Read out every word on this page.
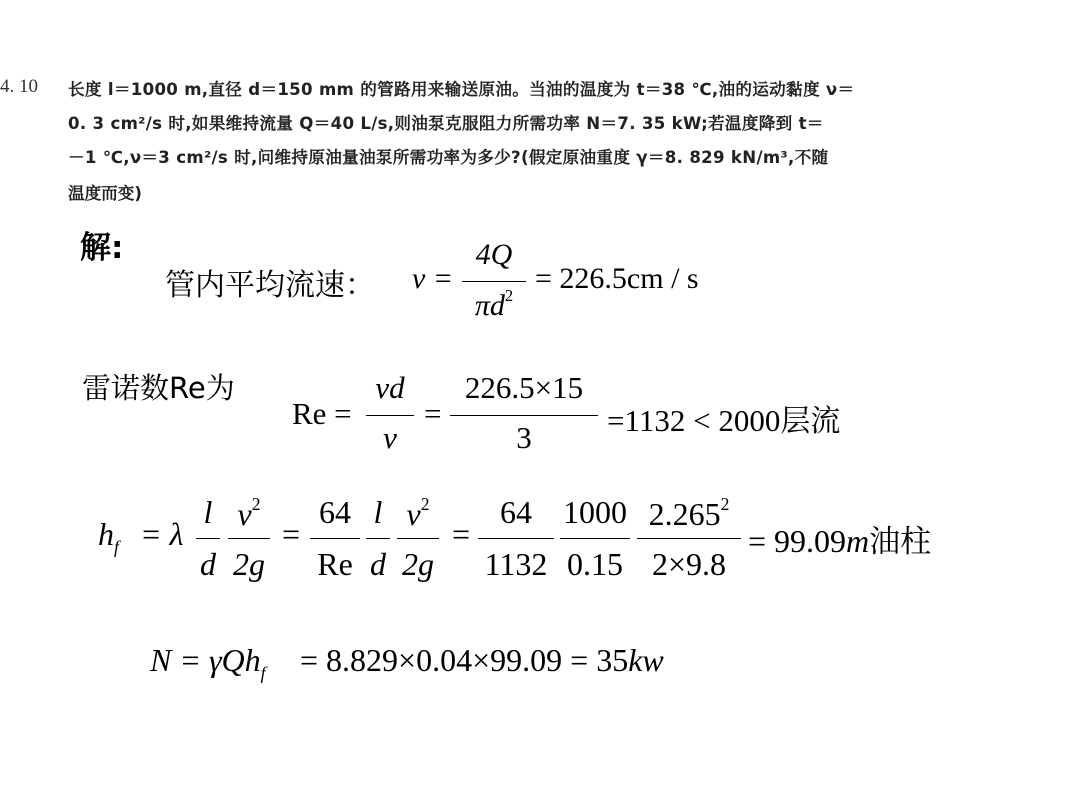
4. 10 长度 l＝1000 m,直径 d＝150 mm 的管路用来输送原油。当油的温度为 t＝38 ℃,油的运动黏度 ν＝
0. 3 cm²/s 时,如果维持流量 Q＝40 L/s,则油泵克服阻力所需功率 N＝7. 35 kW;若温度降到 t＝
－1 ℃,ν＝3 cm²/s 时,问维持原油量油泵所需功率为多少?(假定原油重度 γ＝8. 829 kN/m³,不随
温度而变)
解:
管内平均流速： v =
4Q
$\pi d^2$
= 226.5cm / s
雷诺数Re为
Re =
vd
ν
=
226.5×15
3	=1132 < 2000层流
$h_f = \lambda$
l
d
$v^2$
2g
=
64
Re
l
d
$v^2$
2g
=
64
1132
1000
0.15
2.265$^2$
2×9.8
= 99.09m油柱
N = γQh$_f$ = 8.829×0.04×99.09 = 35kw
